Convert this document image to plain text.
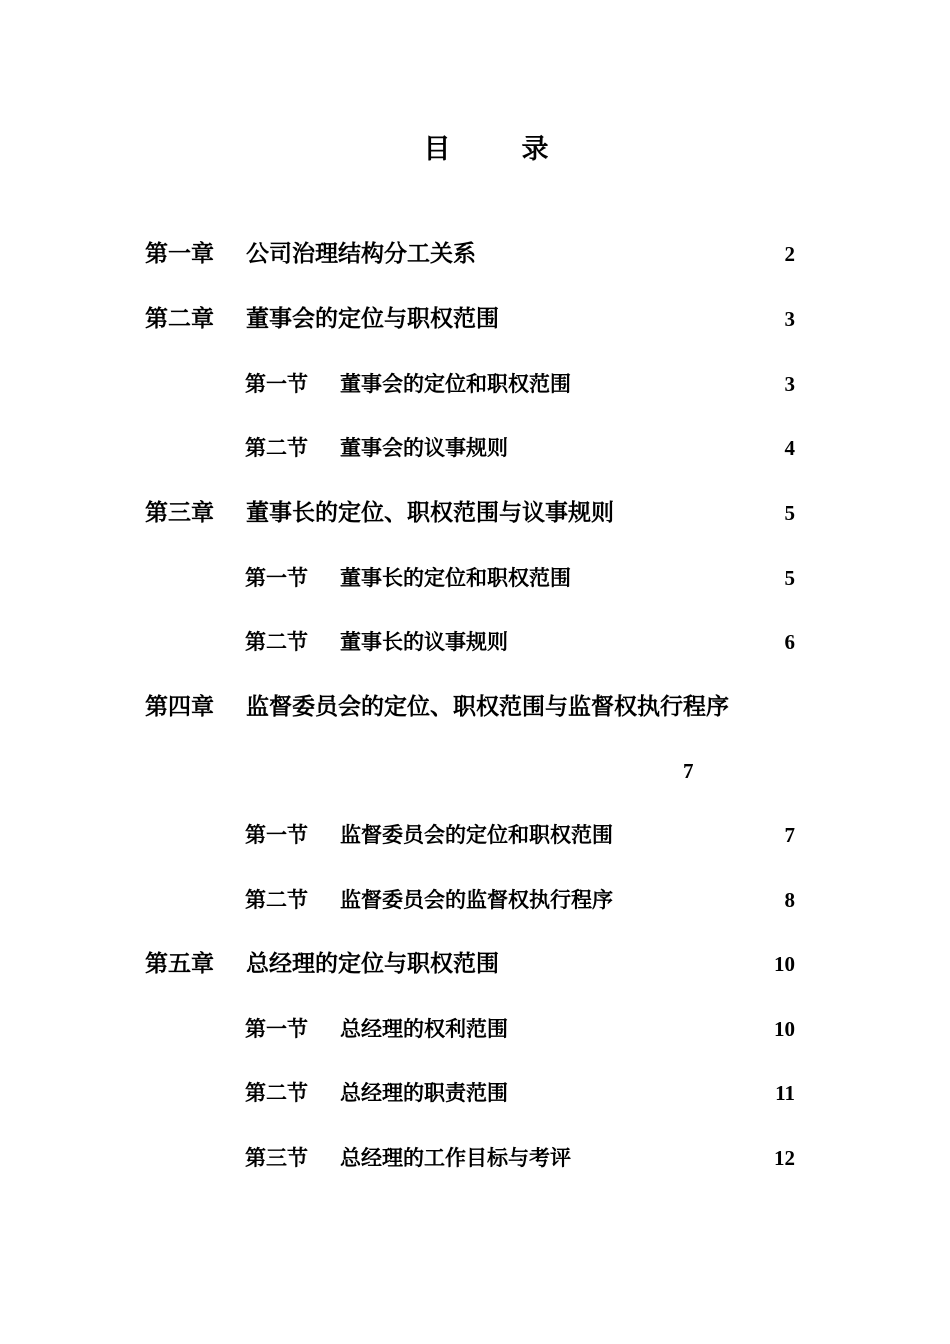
目　录
第一章 公司治理结构分工关系	2
第二章 董事会的定位与职权范围	3
第一节 董事会的定位和职权范围	3
第二节 董事会的议事规则	4
第三章 董事长的定位、职权范围与议事规则	5
第一节 董事长的定位和职权范围	5
第二节 董事长的议事规则	6
第四章 监督委员会的定位、职权范围与监督权执行程序
7
第一节 监督委员会的定位和职权范围	7
第二节 监督委员会的监督权执行程序	8
第五章 总经理的定位与职权范围	10
第一节 总经理的权利范围	10
第二节 总经理的职责范围	11
第三节 总经理的工作目标与考评	12
